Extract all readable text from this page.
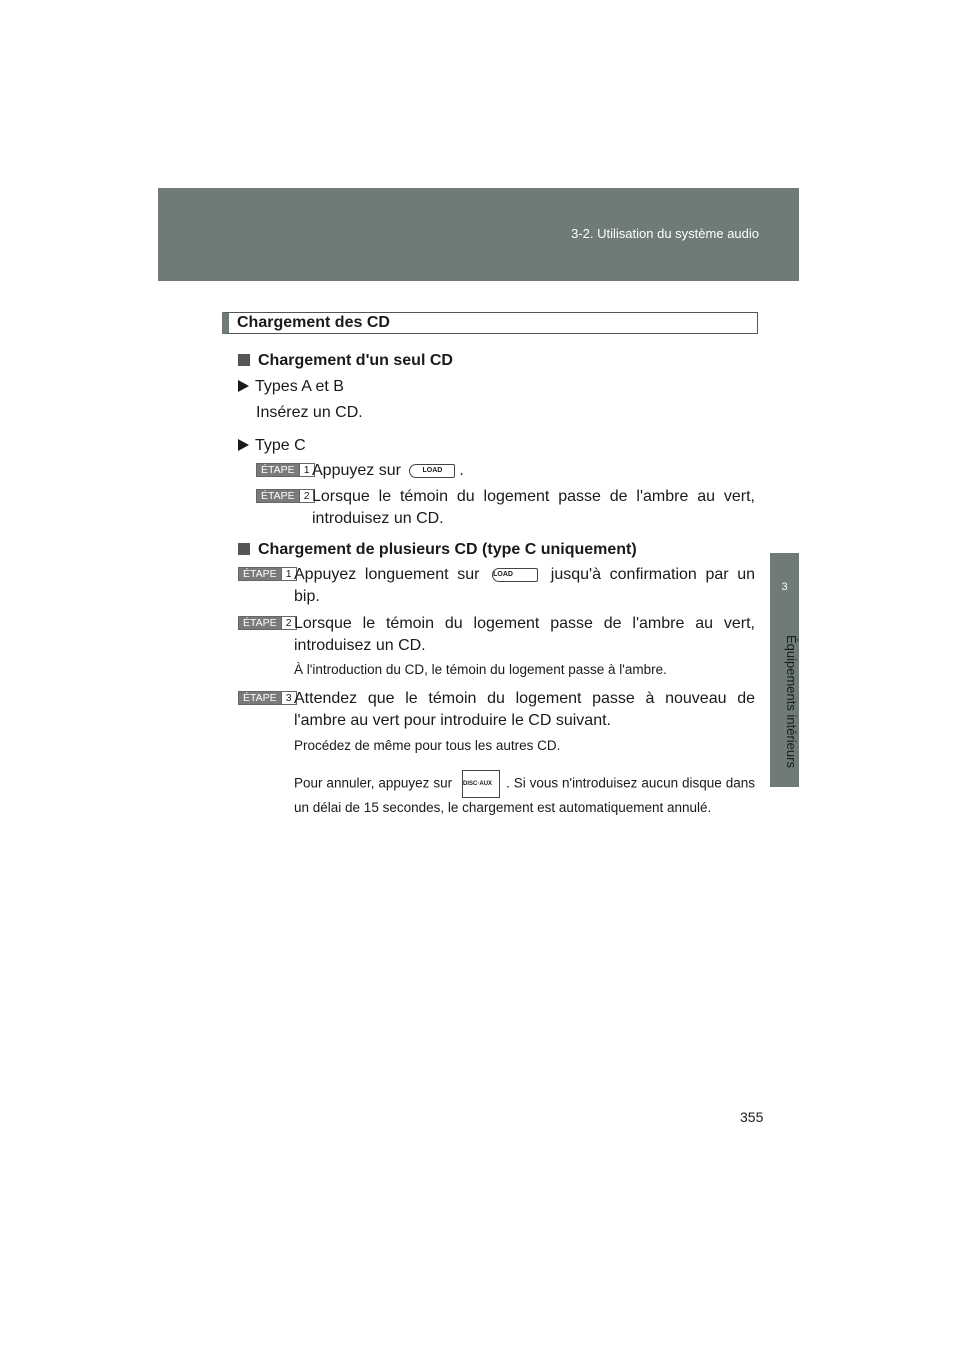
3-2. Utilisation du système audio
3
Équipements intérieurs
Chargement des CD
Chargement d'un seul CD
Types A et B
Insérez un CD.
Type C
ÉTAPE 1 Appuyez sur	LOAD .
ÉTAPE 2 Lorsque le témoin du logement passe de l'ambre au vert, introduisez un CD.
Chargement de plusieurs CD (type C uniquement)
ÉTAPE 1 Appuyez longuement sur LOAD jusqu'à confirmation par un bip.
ÉTAPE 2 Lorsque le témoin du logement passe de l'ambre au vert, introduisez un CD.
À l'introduction du CD, le témoin du logement passe à l'ambre.
ÉTAPE 3 Attendez que le témoin du logement passe à nouveau de l'ambre au vert pour introduire le CD suivant.
Procédez de même pour tous les autres CD.
Pour annuler, appuyez sur DISC·AUX . Si vous n'introduisez aucun disque dans un délai de 15 secondes, le chargement est automatiquement annulé.
355
